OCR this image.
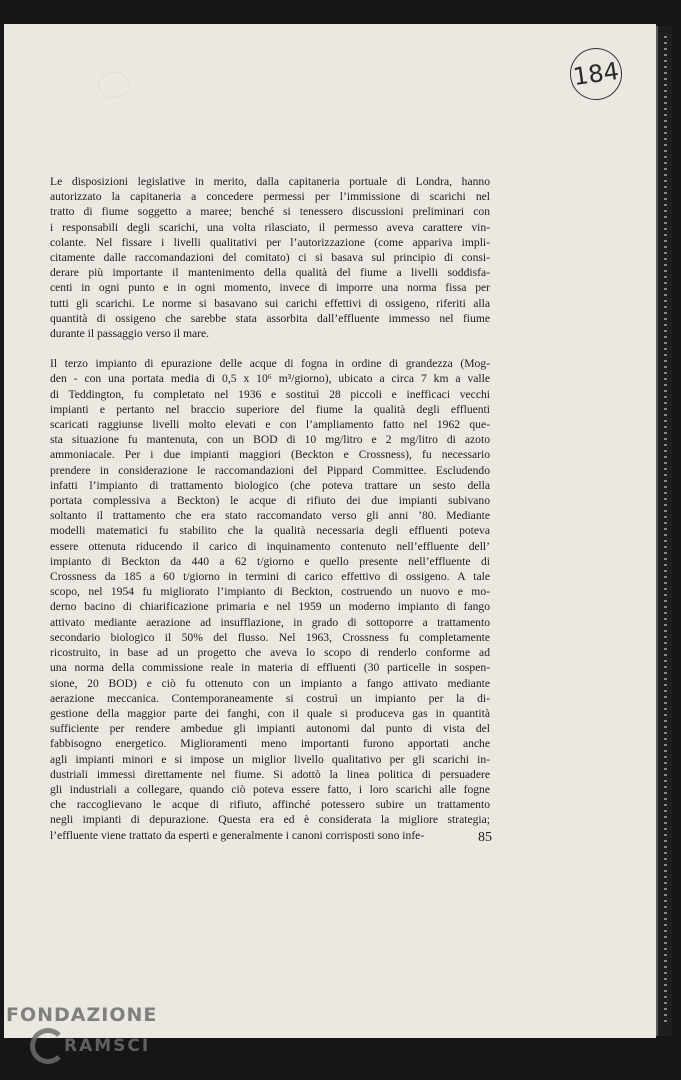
184
Le disposizioni legislative in merito, dalla capitaneria portuale di Londra, hanno
autorizzato la capitaneria a concedere permessi per l’immissione di scarichi nel
tratto di fiume soggetto a maree; benché si tenessero discussioni preliminari con
i responsabili degli scarichi, una volta rilasciato, il permesso aveva carattere vin-
colante. Nel fissare i livelli qualitativi per l’autorizzazione (come appariva impli-
citamente dalle raccomandazioni del comitato) ci si basava sul principio di consi-
derare più importante il mantenimento della qualità del fiume a livelli soddisfa-
centi in ogni punto e in ogni momento, invece di imporre una norma fissa per
tutti gli scarichi. Le norme si basavano sui carichi effettivi di ossigeno, riferiti alla
quantità di ossigeno che sarebbe stata assorbita dall’effluente immesso nel fiume
durante il passaggio verso il mare.
Il terzo impianto di epurazione delle acque di fogna in ordine di grandezza (Mog-
den - con una portata media di 0,5 x 10⁶ m³/giorno), ubicato a circa 7 km a valle
di Teddington, fu completato nel 1936 e sostituì 28 piccoli e inefficaci vecchi
impianti e pertanto nel braccio superiore del fiume la qualità degli effluenti
scaricati raggiunse livelli molto elevati e con l’ampliamento fatto nel 1962 que-
sta situazione fu mantenuta, con un BOD di 10 mg/litro e 2 mg/litro di azoto
ammoniacale. Per i due impianti maggiori (Beckton e Crossness), fu necessario
prendere in considerazione le raccomandazioni del Pippard Committee. Escludendo
infatti l’impianto di trattamento biologico (che poteva trattare un sesto della
portata complessiva a Beckton) le acque di rifiuto dei due impianti subivano
soltanto il trattamento che era stato raccomandato verso gli anni ’80. Mediante
modelli matematici fu stabilito che la qualità necessaria degli effluenti poteva
essere ottenuta riducendo il carico di inquinamento contenuto nell’effluente dell’
impianto di Beckton da 440 a 62 t/giorno e quello presente nell’effluente di
Crossness da 185 a 60 t/giorno in termini di carico effettivo di ossigeno. A tale
scopo, nel 1954 fu migliorato l’impianto di Beckton, costruendo un nuovo e mo-
derno bacino di chiarificazione primaria e nel 1959 un moderno impianto di fango
attivato mediante aerazione ad insufflazione, in grado di sottoporre a trattamento
secondario biologico il 50% del flusso. Nel 1963, Crossness fu completamente
ricostruito, in base ad un progetto che aveva lo scopo di renderlo conforme ad
una norma della commissione reale in materia di effluenti (30 particelle in sospen-
sione, 20 BOD) e ciò fu ottenuto con un impianto a fango attivato mediante
aerazione meccanica. Contemporaneamente si costruì un impianto per la di-
gestione della maggior parte dei fanghi, con il quale si produceva gas in quantità
sufficiente per rendere ambedue gli impianti autonomi dal punto di vista del
fabbisogno energetico. Miglioramenti meno importanti furono apportati anche
agli impianti minori e si impose un miglior livello qualitativo per gli scarichi in-
dustriali immessi direttamente nel fiume. Si adottò la linea politica di persuadere
gli industriali a collegare, quando ciò poteva essere fatto, i loro scarichi alle fogne
che raccoglievano le acque di rifiuto, affinché potessero subire un trattamento
negli impianti di depurazione. Questa era ed è considerata la migliore strategia;
l’effluente viene trattato da esperti e generalmente i canoni corrisposti sono infe-	85
FONDAZIONE
RAMSCI
